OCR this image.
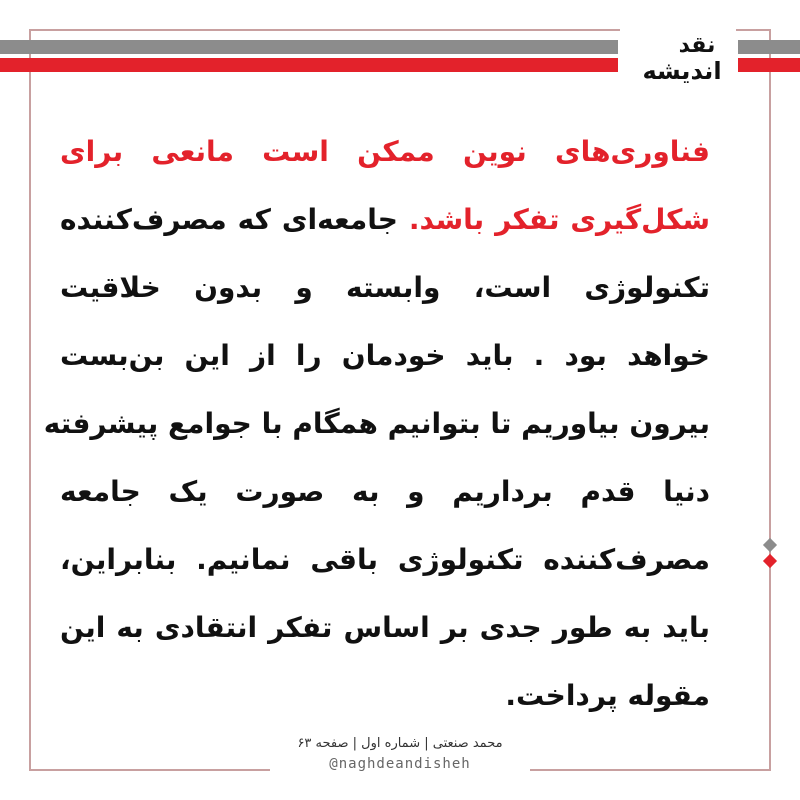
نقد
اندیشه
فناوری‌های نوین ممکن است مانعی برای
شکل‌گیری تفکر باشد. جامعه‌ای که مصرف‌کننده
تکنولوژی است، وابسته و بدون خلاقیت
خواهد بود . باید خودمان را از این بن‌بست
بیرون بیاوریم تا بتوانیم همگام با جوامع پیشرفته
دنیا قدم برداریم و به صورت یک جامعه
مصرف‌کننده تکنولوژی باقی نمانیم. بنابراین،
باید به طور جدی بر اساس تفکر انتقادی به این
مقوله پرداخت.
محمد صنعتی | شماره اول | صفحه ۶۳
@naghdeandisheh
